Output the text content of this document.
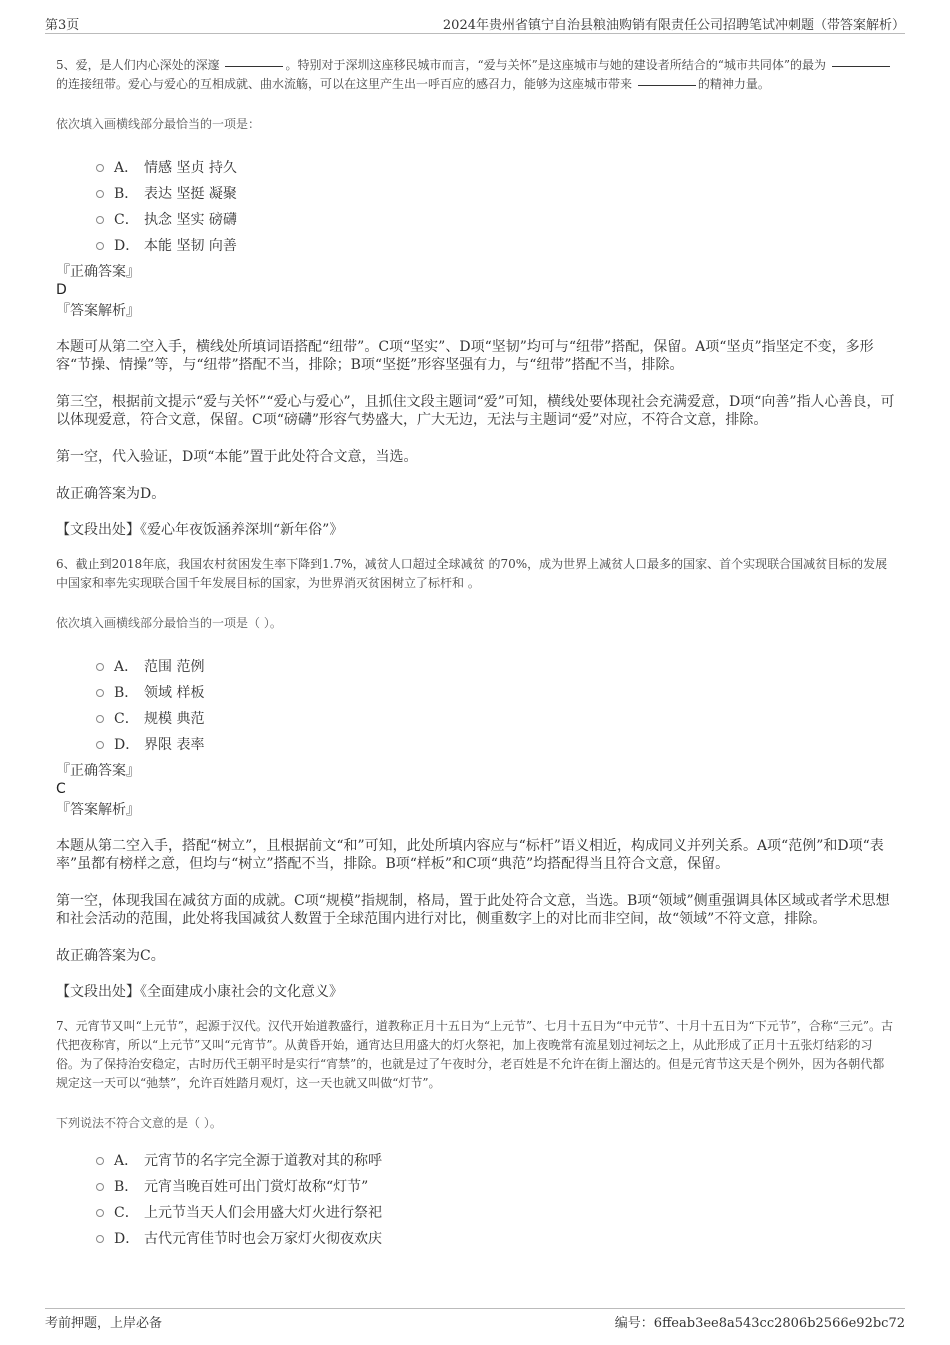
第3页	2024年贵州省镇宁自治县粮油购销有限责任公司招聘笔试冲刺题（带答案解析）

5、爱，是人们内心深处的深邃	。特别对于深圳这座移民城市而言，“爱与关怀”是这座城市与她的建设者所结合的“城市共同体”的最为 的连接纽带。爱心与爱心的互相成就、曲水流觞，可以在这里产生出一呼百应的感召力，能够为这座城市带来	的精神力量。

依次填入画横线部分最恰当的一项是：

A． 情感 坚贞 持久
B． 表达 坚挺 凝聚
C． 执念 坚实 磅礴
D． 本能 坚韧 向善
『正确答案』
D
『答案解析』

本题可从第二空入手，横线处所填词语搭配“纽带”。C项“坚实”、D项“坚韧”均可与“纽带”搭配，保留。A项“坚贞”指坚定不变，多形容“节操、情操”等，与“纽带”搭配不当，排除；B项“坚挺”形容坚强有力，与“纽带”搭配不当，排除。

第三空，根据前文提示“爱与关怀”“爱心与爱心”，且抓住文段主题词“爱”可知，横线处要体现社会充满爱意，D项“向善”指人心善良，可以体现爱意，符合文意，保留。C项“磅礴”形容气势盛大，广大无边，无法与主题词“爱”对应，不符合文意，排除。

第一空，代入验证，D项“本能”置于此处符合文意，当选。

故正确答案为D。

【文段出处】《爱心年夜饭涵养深圳“新年俗”》

6、截止到2018年底，我国农村贫困发生率下降到1.7%，减贫人口超过全球减贫 的70%，成为世界上减贫人口最多的国家、首个实现联合国减贫目标的发展中国家和率先实现联合国千年发展目标的国家，为世界消灭贫困树立了标杆和 。

依次填入画横线部分最恰当的一项是（ ）。

A． 范围 范例
B． 领域 样板
C． 规模 典范
D． 界限 表率
『正确答案』
C
『答案解析』

本题从第二空入手，搭配“树立”，且根据前文“和”可知，此处所填内容应与“标杆”语义相近，构成同义并列关系。A项“范例”和D项“表率”虽都有榜样之意，但均与“树立”搭配不当，排除。B项“样板”和C项“典范”均搭配得当且符合文意，保留。

第一空，体现我国在减贫方面的成就。C项“规模”指规制，格局，置于此处符合文意，当选。B项“领域”侧重强调具体区域或者学术思想和社会活动的范围，此处将我国减贫人数置于全球范围内进行对比，侧重数字上的对比而非空间，故“领域”不符文意，排除。

故正确答案为C。

【文段出处】《全面建成小康社会的文化意义》

7、元宵节又叫“上元节”，起源于汉代。汉代开始道教盛行，道教称正月十五日为“上元节”、七月十五日为“中元节”、十月十五日为“下元节”，合称“三元”。古代把夜称宵，所以“上元节”又叫“元宵节”。从黄昏开始，通宵达旦用盛大的灯火祭祀，加上夜晚常有流星划过祠坛之上，从此形成了正月十五张灯结彩的习俗。为了保持治安稳定，古时历代王朝平时是实行“宵禁”的，也就是过了午夜时分，老百姓是不允许在街上溜达的。但是元宵节这天是个例外，因为各朝代都规定这一天可以“弛禁”，允许百姓踏月观灯，这一天也就又叫做“灯节”。

下列说法不符合文意的是（ ）。

A． 元宵节的名字完全源于道教对其的称呼
B． 元宵当晚百姓可出门赏灯故称“灯节”
C． 上元节当天人们会用盛大灯火进行祭祀
D． 古代元宵佳节时也会万家灯火彻夜欢庆
考前押题，上岸必备	编号：6ffeab3ee8a543cc2806b2566e92bc72
